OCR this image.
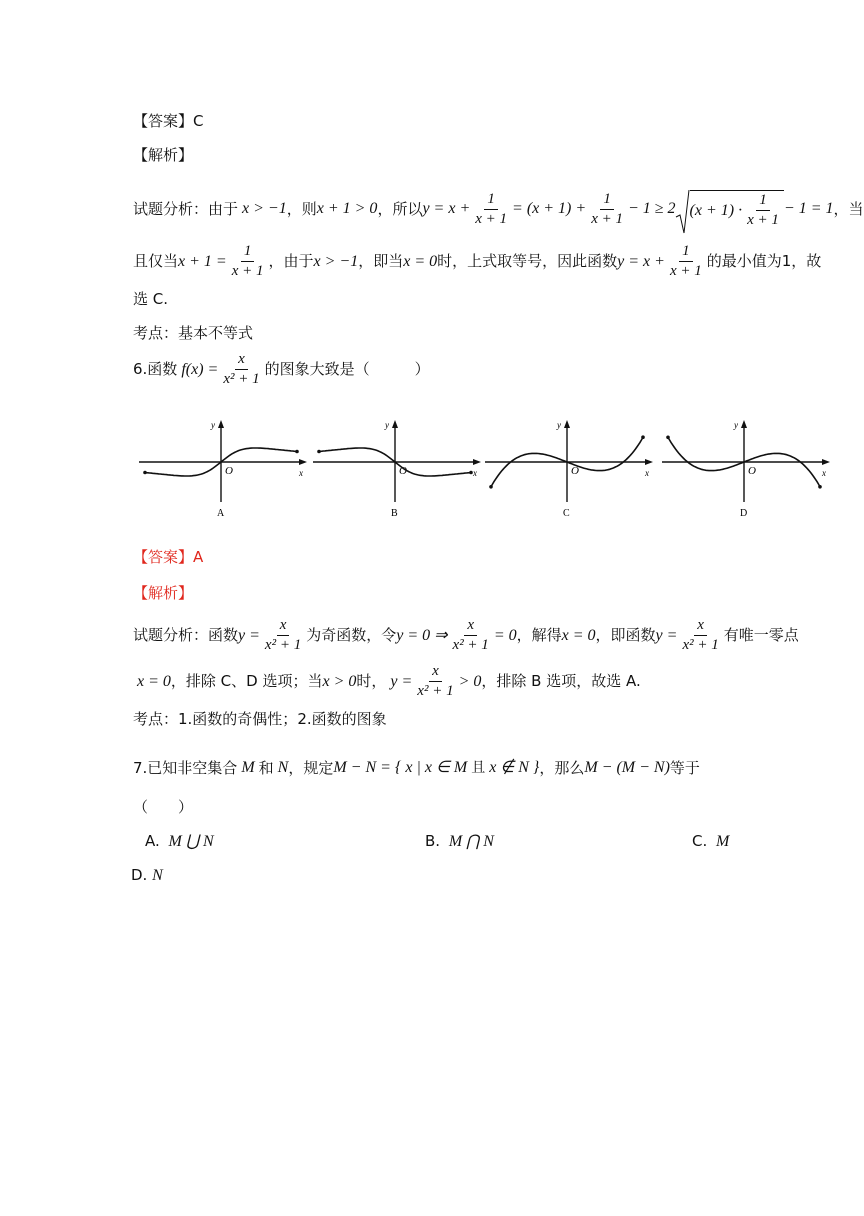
【答案】C
【解析】
试题分析：由于 x > −1 ，则 x + 1 > 0 ，所以 $y = x + \frac{1}{x + 1} = (x + 1) + \frac{1}{x + 1} - 1 \ge 2$ $(x + 1) \cdot \frac{1}{x + 1} - 1 = 1$ ，当
且仅当 $x + 1 = \frac{1}{x + 1}$ ，由于 x > −1 ，即当 x = 0 时，上式取等号，因此函数 $y = x + \frac{1}{x + 1}$ 的最小值为1，故
选 C.
考点：基本不等式
6.函数 $f(x) = \frac{x}{\text{x² + 1}}$ 的图象大致是（　　　）
y
x
O
A
y
x
O
B
y
x
O
C
y
x
O
D
【答案】A
【解析】
试题分析：函数 $y = \frac{x}{\text{x² + 1}}$ 为奇函数，令 y = 0 ⇒ $\frac{x}{\text{x² + 1}} = 0$ ，解得 x = 0 ，即函数 $y = \frac{x}{\text{x² + 1}}$ 有唯一零点
x = 0 ，排除 C、D 选项；当 x > 0 时， $y = \frac{x}{\text{x² + 1}} > 0$ ，排除 B 选项，故选 A.
考点：1.函数的奇偶性；2.函数的图象
7.已知非空集合 M 和 N ，规定 M − N = { x | x ∈ M 且 x ∉ N } ，那么 M − (M − N) 等于
（　　）
A.  M ⋃ N	B.  M ⋂ N	C.  M
D. N
